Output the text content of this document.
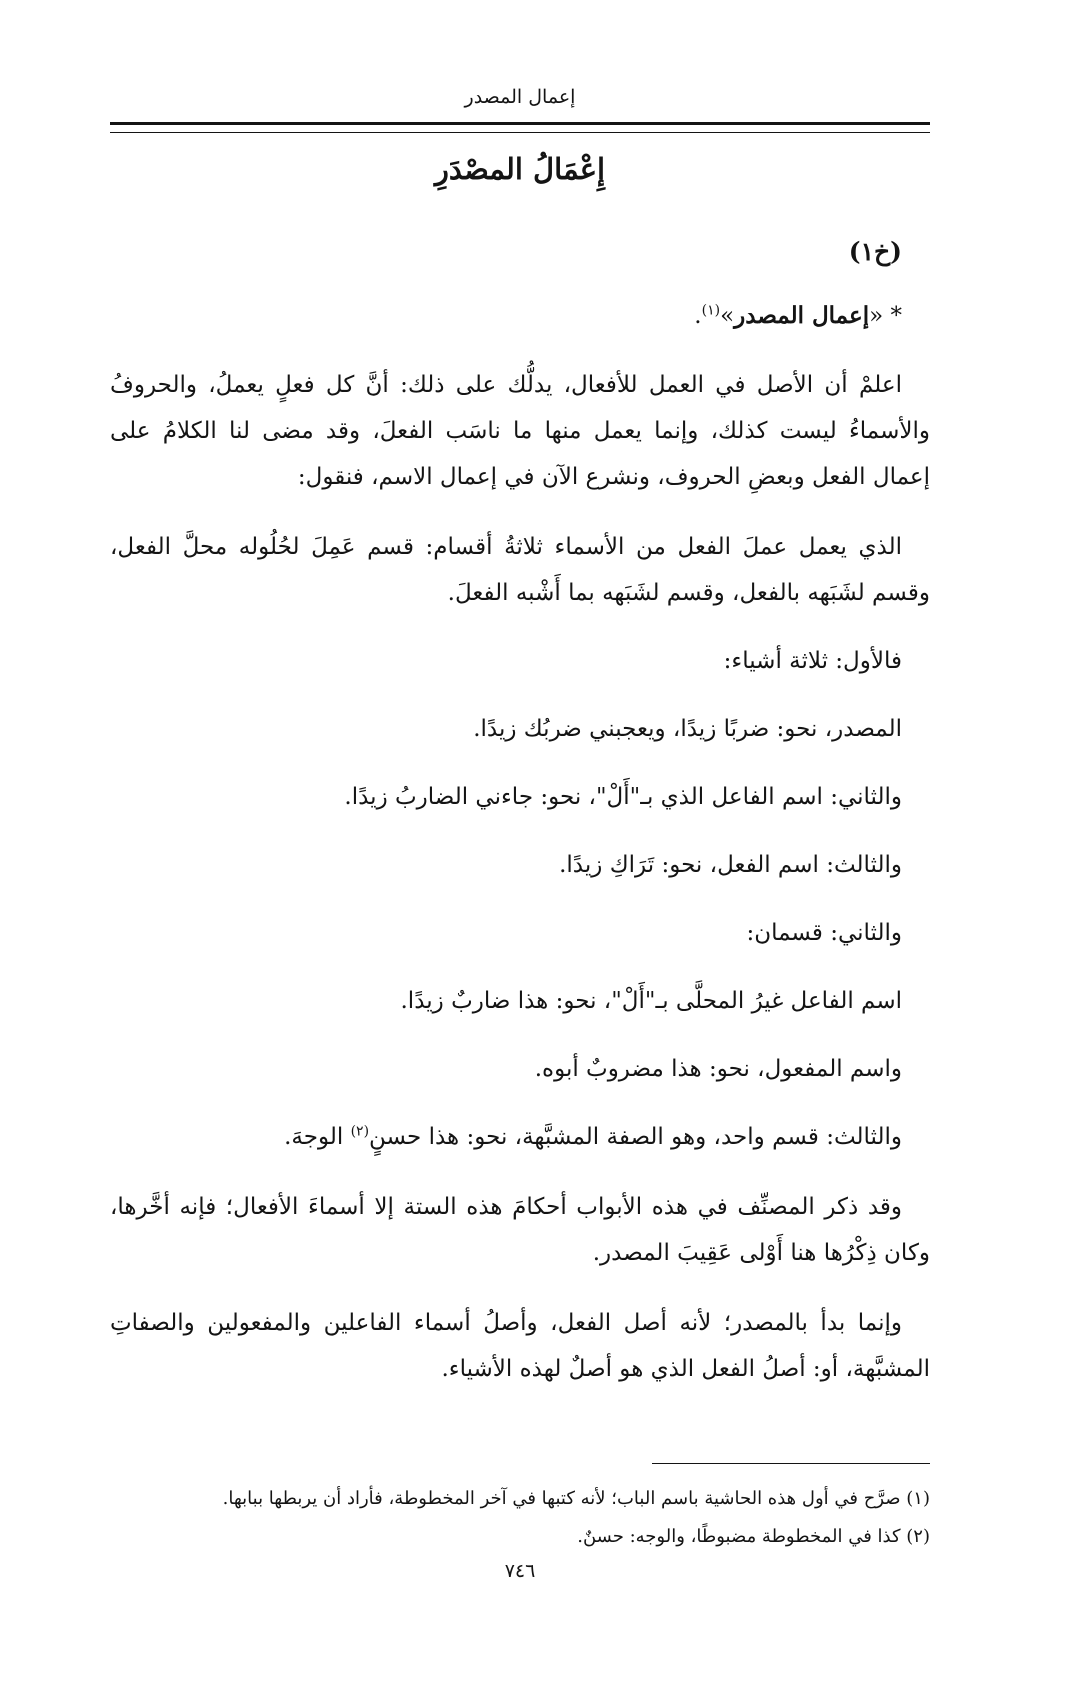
إعمال المصدر
إِعْمَالُ المصْدَرِ
(خ١)
* «إعمال المصدر»$^{(١)}$.

اعلمْ أن الأصل في العمل للأفعال، يدلُّك على ذلك: أنَّ كل فعلٍ يعملُ، والحروفُ والأسماءُ ليست كذلك، وإنما يعمل منها ما ناسَب الفعلَ، وقد مضى لنا الكلامُ على إعمال الفعل وبعضِ الحروف، ونشرع الآن في إعمال الاسم، فنقول:

الذي يعمل عملَ الفعل من الأسماء ثلاثةُ أقسام: قسم عَمِلَ لحُلُوله محلَّ الفعل، وقسم لشَبَهه بالفعل، وقسم لشَبَهه بما أَشْبه الفعلَ.

فالأول: ثلاثة أشياء:

المصدر، نحو: ضربًا زيدًا، ويعجبني ضربُك زيدًا.

والثاني: اسم الفاعل الذي بـ"أَلْ"، نحو: جاءني الضاربُ زيدًا.

والثالث: اسم الفعل، نحو: تَرَاكِ زيدًا.

والثاني: قسمان:

اسم الفاعل غيرُ المحلَّى بـ"أَلْ"، نحو: هذا ضاربٌ زيدًا.

واسم المفعول، نحو: هذا مضروبٌ أبوه.

والثالث: قسم واحد، وهو الصفة المشبَّهة، نحو: هذا حسنٍ$^{(٢)}$ الوجهَ.

وقد ذكر المصنِّف في هذه الأبواب أحكامَ هذه الستة إلا أسماءَ الأفعال؛ فإنه أخَّرها، وكان ذِكْرُها هنا أَوْلى عَقِيبَ المصدر.

وإنما بدأ بالمصدر؛ لأنه أصل الفعل، وأصلُ أسماء الفاعلين والمفعولين والصفاتِ المشبَّهة، أو: أصلُ الفعل الذي هو أصلٌ لهذه الأشياء.

(١) صرَّح في أول هذه الحاشية باسم الباب؛ لأنه كتبها في آخر المخطوطة، فأراد أن يربطها ببابها.

(٢) كذا في المخطوطة مضبوطًا، والوجه: حسنٌ.

٧٤٦
